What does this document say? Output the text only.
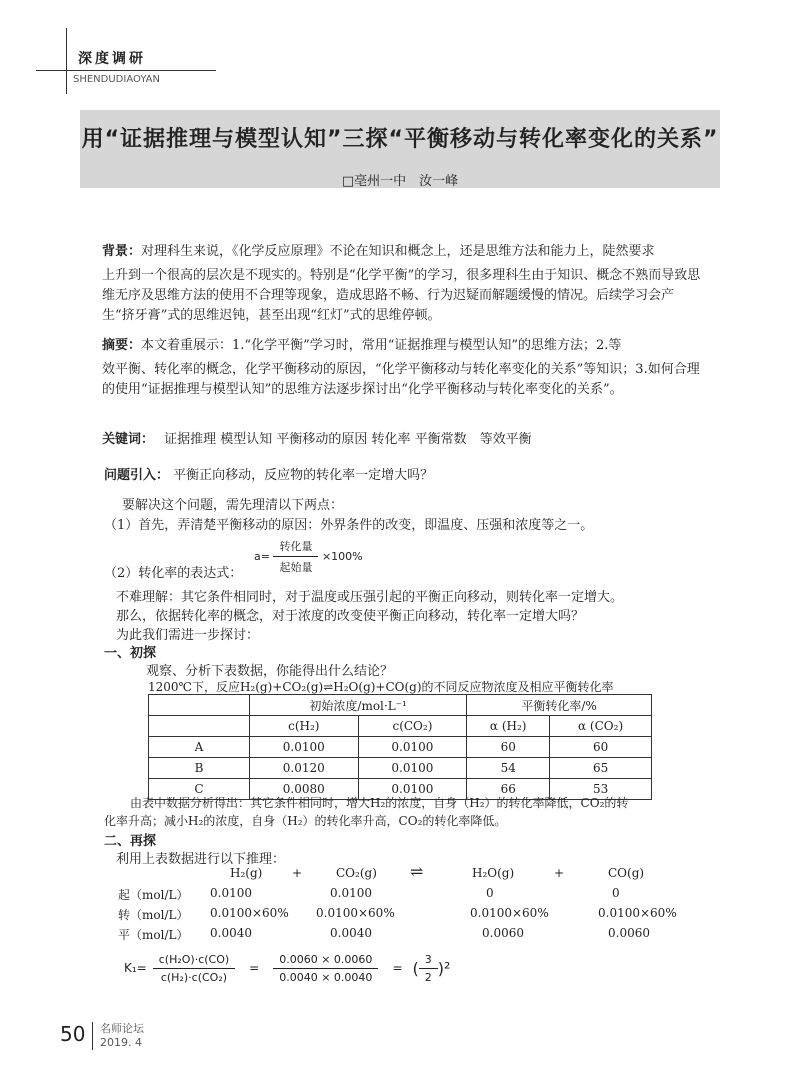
深度调研
SHENDUDIAOYAN
用“证据推理与模型认知”三探“平衡移动与转化率变化的关系”
□亳州一中　汝一峰
背景：对理科生来说，《化学反应原理》不论在知识和概念上，还是思维方法和能力上，陡然要求
上升到一个很高的层次是不现实的。特别是“化学平衡”的学习，很多理科生由于知识、概念不熟而导致思维无序及思维方法的使用不合理等现象，造成思路不畅、行为迟疑而解题缓慢的情况。后续学习会产生“挤牙膏”式的思维迟钝，甚至出现“红灯”式的思维停顿。
摘要：本文着重展示：1.“化学平衡”学习时，常用“证据推理与模型认知”的思维方法；2.等
效平衡、转化率的概念，化学平衡移动的原因，“化学平衡移动与转化率变化的关系”等知识；3.如何合理的使用“证据推理与模型认知”的思维方法逐步探讨出“化学平衡移动与转化率变化的关系”。
关键词： 证据推理 模型认知 平衡移动的原因 转化率 平衡常数　等效平衡
问题引入： 平衡正向移动，反应物的转化率一定增大吗？
要解决这个问题，需先理清以下两点：
（1）首先，弄清楚平衡移动的原因：外界条件的改变，即温度、压强和浓度等之一。
（2）转化率的表达式：
$a= \frac{\text{转化量}}{\text{起始量}} \times 100\%$
不难理解：其它条件相同时，对于温度或压强引起的平衡正向移动，则转化率一定增大。
那么，依据转化率的概念，对于浓度的改变使平衡正向移动，转化率一定增大吗？
为此我们需进一步探讨：
一、初探
观察、分析下表数据，你能得出什么结论？
1200℃下，反应H₂(g)+CO₂(g)⇌H₂O(g)+CO(g)的不同反应物浓度及相应平衡转化率
	初始浓度/mol·L⁻¹		平衡转化率/%	
	c(H₂)	c(CO₂)	α (H₂)	α (CO₂)
A	0.0100	0.0100	60	60
B	0.0120	0.0100	54	65
C	0.0080	0.0100	66	53
由表中数据分析得出：其它条件相同时，增大H₂的浓度，自身（H₂）的转化率降低，CO₂的转
化率升高；减小H₂的浓度，自身（H₂）的转化率升高，CO₂的转化率降低。
二、再探
利用上表数据进行以下推理：
H₂(g) +	CO₂(g) ⇌	H₂O(g)	+	CO(g)
起（mol/L） 0.0100	0.0100	0	0
转（mol/L） 0.0100×60% 0.0100×60%	0.0100×60%	0.0100×60%
平（mol/L） 0.0040	0.0040	0.0060	0.0060
$K_1= \frac{\text{c(H₂O)·c(CO)}}{\text{c(H₂)·c(CO₂)}} = \frac{0.0060 \times 0.0060}{0.0040 \times 0.0040}$ = ( $\frac{3}{2} )^2$
50 名师论坛
2019. 4
